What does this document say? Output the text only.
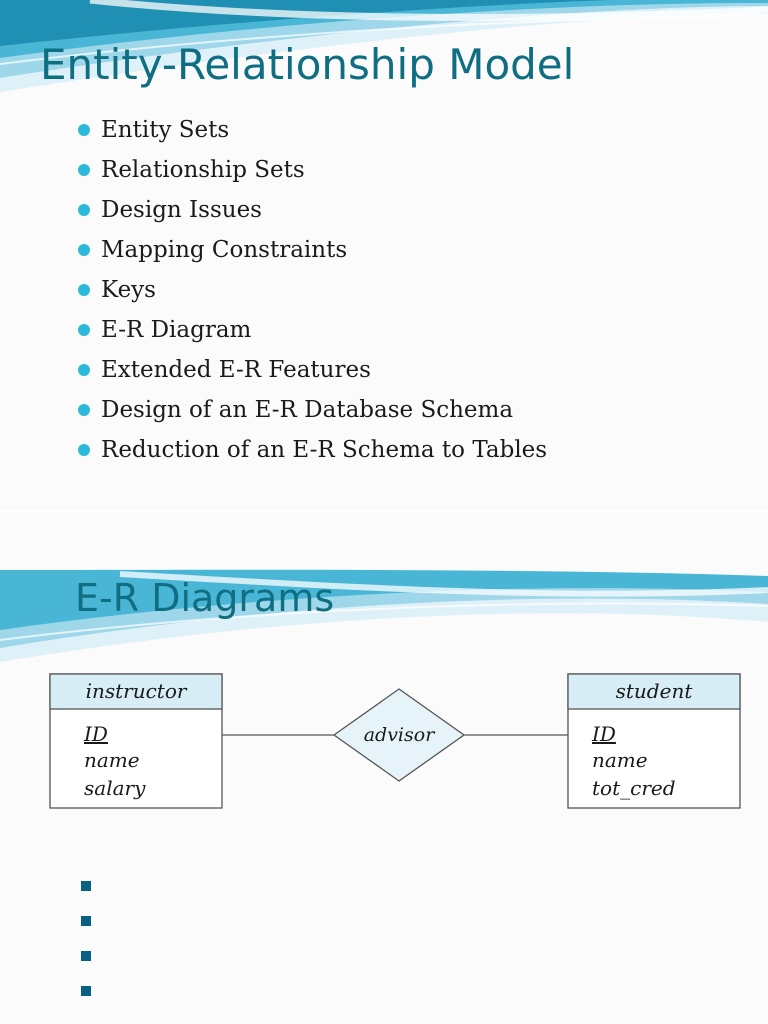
Entity-Relationship Model
Entity Sets
Relationship Sets
Design Issues
Mapping Constraints
Keys
E-R Diagram
Extended E-R Features
Design of an E-R Database Schema
Reduction of an E-R Schema to Tables
E-R Diagrams
instructor
ID
name
salary
advisor
student
ID
name
tot_cred
